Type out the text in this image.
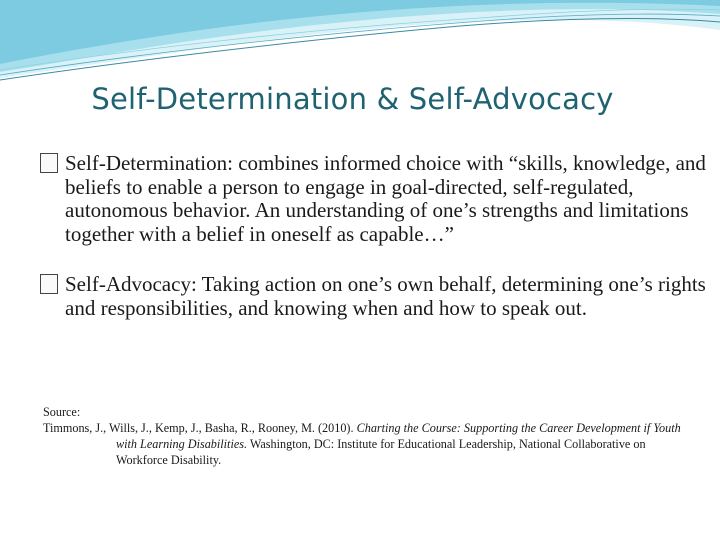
Self-Determination & Self-Advocacy
Self-Determination: combines informed choice with “skills, knowledge, and beliefs to enable a person to engage in goal-directed, self-regulated, autonomous behavior. An understanding of one’s strengths and limitations together with a belief in oneself as capable…”
Self-Advocacy: Taking action on one’s own behalf, determining one’s rights and responsibilities, and knowing when and how to speak out.
Source:
Timmons, J., Wills, J., Kemp, J., Basha, R., Rooney, M. (2010). Charting the Course: Supporting the Career Development if Youth with Learning Disabilities. Washington, DC: Institute for Educational Leadership, National Collaborative on Workforce Disability.
